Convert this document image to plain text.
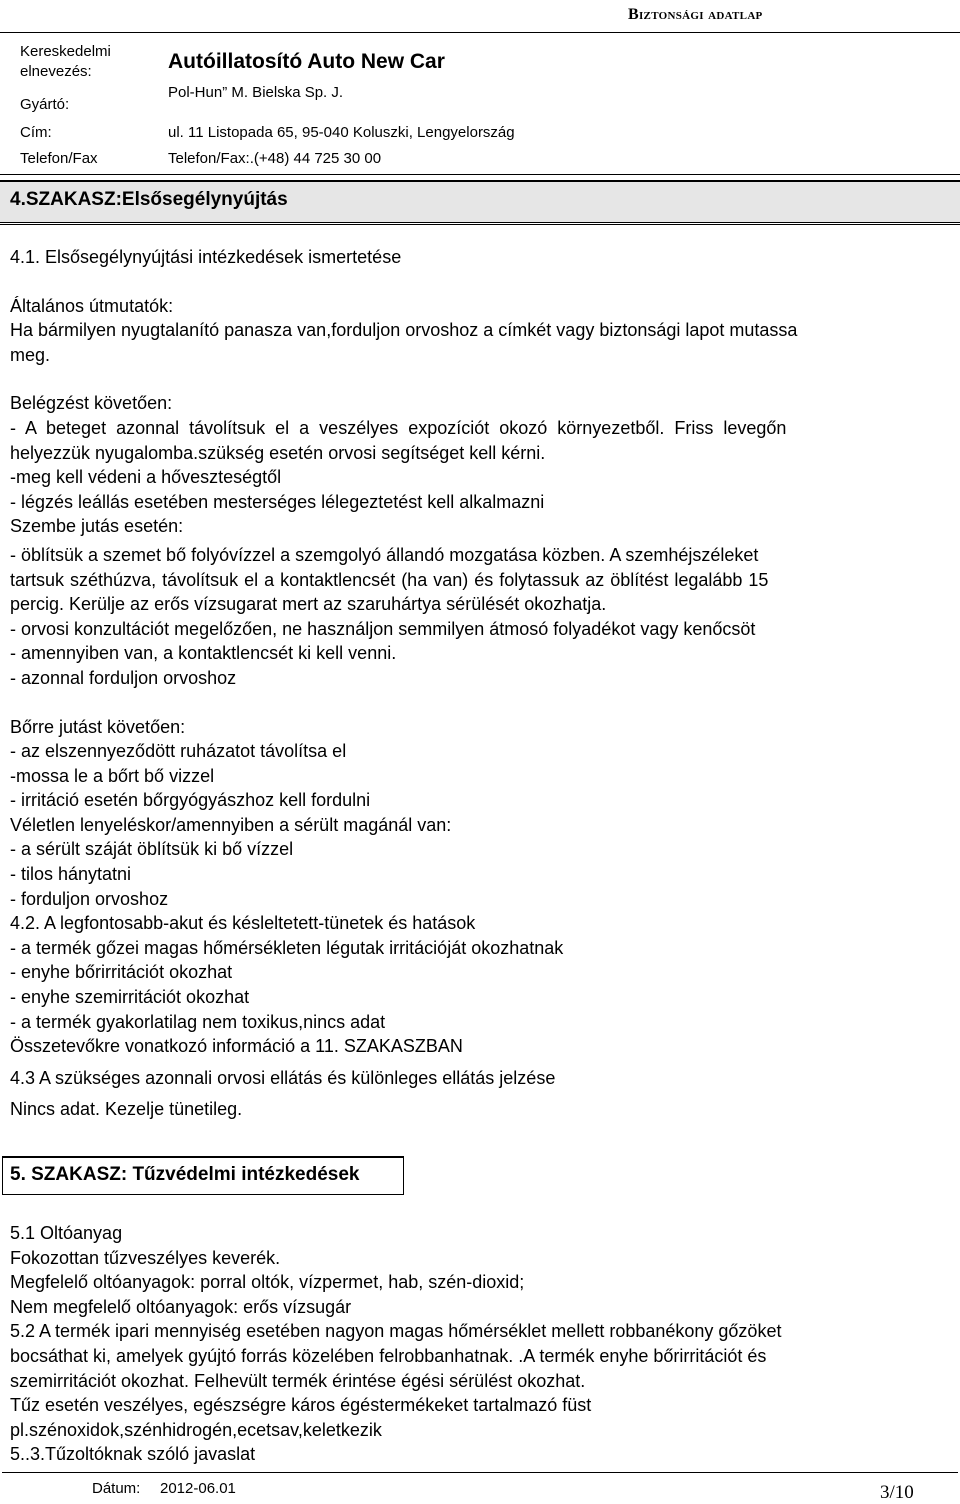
Biztonsági adatlap
Kereskedelmi
elnevezés:	Autóillatosító Auto New Car
Gyártó:
Pol-Hun” M. Bielska Sp. J.
Cím:	ul. 11 Listopada 65, 95-040 Koluszki, Lengyelország
Telefon/Fax	Telefon/Fax:.(+48) 44 725 30 00
4.SZAKASZ:Elsősegélynyújtás
4.1. Elsősegélynyújtási intézkedések ismertetése
Általános útmutatók:
Ha bármilyen nyugtalanító panasza van,forduljon orvoshoz a címkét vagy biztonsági lapot mutassa
meg.
Belégzést követően:
- A beteget azonnal távolítsuk el a veszélyes expozíciót okozó környezetből. Friss levegőn
helyezzük nyugalomba.szükség esetén orvosi segítséget kell kérni.
-meg kell védeni a hőveszteségtől
- légzés leállás esetében mesterséges lélegeztetést kell alkalmazni
Szembe jutás esetén:
- öblítsük a szemet bő folyóvízzel a szemgolyó állandó mozgatása közben. A szemhéjszéleket
tartsuk széthúzva, távolítsuk el a kontaktlencsét (ha van) és folytassuk az öblítést legalább 15
percig. Kerülje az erős vízsugarat mert az szaruhártya sérülését okozhatja.
- orvosi konzultációt megelőzően, ne használjon semmilyen átmosó folyadékot vagy kenőcsöt
- amennyiben van, a kontaktlencsét ki kell venni.
- azonnal forduljon orvoshoz
Bőrre jutást követően:
- az elszennyeződött ruházatot távolítsa el
-mossa le a bőrt bő vizzel
- irritáció esetén bőrgyógyászhoz kell fordulni
Véletlen lenyeléskor/amennyiben a sérült magánál van:
- a sérült száját öblítsük ki bő vízzel
- tilos hánytatni
- forduljon orvoshoz
4.2. A legfontosabb-akut és késleltetett-tünetek és hatások
- a termék gőzei magas hőmérsékleten légutak irritációját okozhatnak
- enyhe bőrirritációt okozhat
- enyhe szemirritációt okozhat
- a termék gyakorlatilag nem toxikus,nincs adat
Összetevőkre vonatkozó információ a 11. SZAKASZBAN
4.3 A szükséges azonnali orvosi ellátás és különleges ellátás jelzése
Nincs adat. Kezelje tünetileg.
5. SZAKASZ: Tűzvédelmi intézkedések
5.1 Oltóanyag
Fokozottan tűzveszélyes keverék.
Megfelelő oltóanyagok: porral oltók, vízpermet, hab, szén-dioxid;
Nem megfelelő oltóanyagok: erős vízsugár
5.2 A termék ipari mennyiség esetében nagyon magas hőmérséklet mellett robbanékony gőzöket
bocsáthat ki, amelyek gyújtó forrás közelében felrobbanhatnak. .A termék enyhe bőrirritációt és
szemirritációt okozhat. Felhevült termék érintése égési sérülést okozhat.
Tűz esetén veszélyes, egészségre káros égéstermékeket tartalmazó füst
pl.szénoxidok,szénhidrogén,ecetsav,keletkezik
5..3.Tűzoltóknak szóló javaslat
Dátum: 2012-06.01	3/10
